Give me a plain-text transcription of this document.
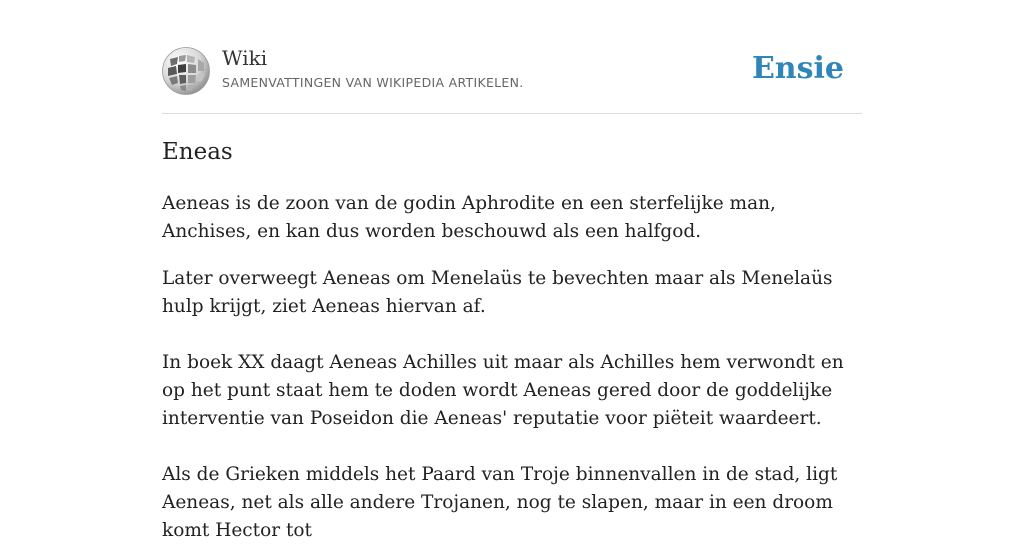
Wiki
SAMENVATTINGEN VAN WIKIPEDIA ARTIKELEN.	Ensie
Eneas

Aeneas is de zoon van de godin Aphrodite en een sterfelijke man, Anchises, en kan dus worden beschouwd als een halfgod.

Later overweegt Aeneas om Menelaüs te bevechten maar als Menelaüs hulp krijgt, ziet Aeneas hiervan af.

In boek XX daagt Aeneas Achilles uit maar als Achilles hem verwondt en op het punt staat hem te doden wordt Aeneas gered door de goddelijke interventie van Poseidon die Aeneas' reputatie voor piëteit waardeert.

Als de Grieken middels het Paard van Troje binnenvallen in de stad, ligt Aeneas, net als alle andere Trojanen, nog te slapen, maar in een droom komt Hector tot
